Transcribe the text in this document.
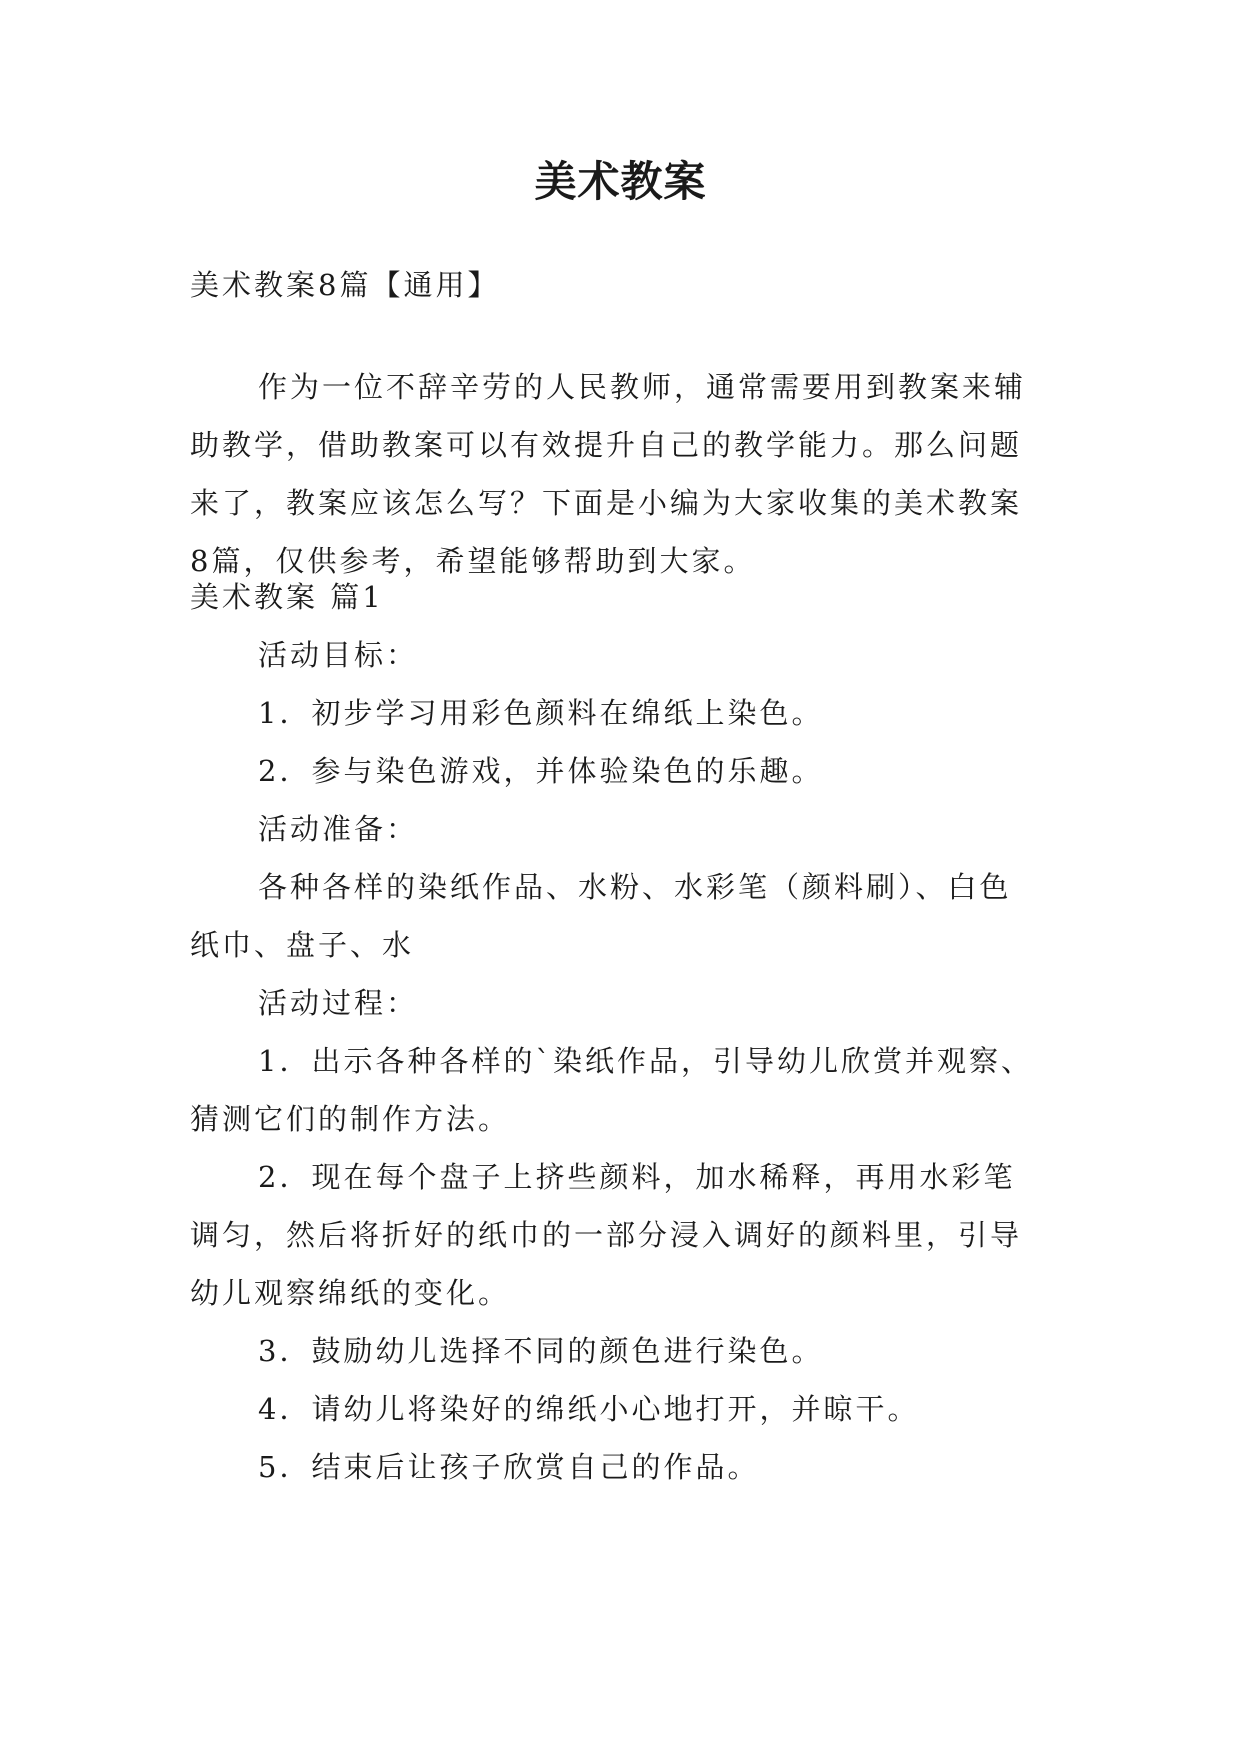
美术教案
美术教案8篇【通用】
作为一位不辞辛劳的人民教师，通常需要用到教案来辅
助教学，借助教案可以有效提升自己的教学能力。那么问题
来了，教案应该怎么写？下面是小编为大家收集的美术教案
8篇，仅供参考，希望能够帮助到大家。
美术教案 篇1
活动目标：
1．初步学习用彩色颜料在绵纸上染色。
2．参与染色游戏，并体验染色的乐趣。
活动准备：
各种各样的染纸作品、水粉、水彩笔（颜料刷）、白色
纸巾、盘子、水
活动过程：
1．出示各种各样的`染纸作品，引导幼儿欣赏并观察、
猜测它们的制作方法。
2．现在每个盘子上挤些颜料，加水稀释，再用水彩笔
调匀，然后将折好的纸巾的一部分浸入调好的颜料里，引导
幼儿观察绵纸的变化。
3．鼓励幼儿选择不同的颜色进行染色。
4．请幼儿将染好的绵纸小心地打开，并晾干。
5．结束后让孩子欣赏自己的作品。
